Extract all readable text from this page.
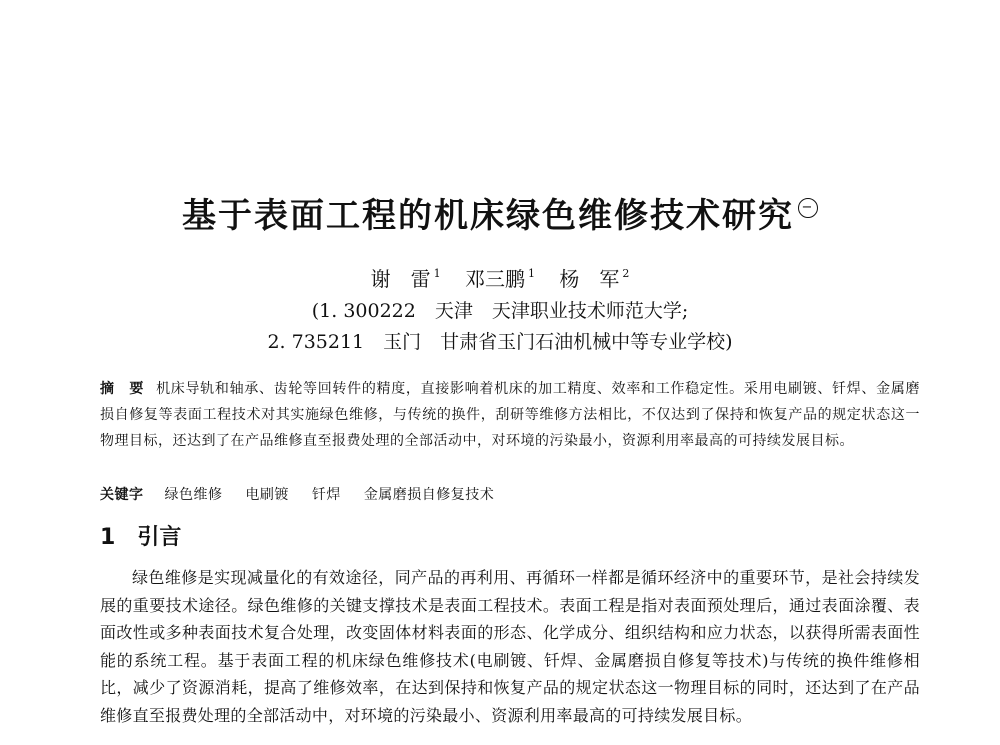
基于表面工程的机床绿色维修技术研究 −
谢　雷 $^1$ 邓三鹏 $^1$ 杨　军 $^2$
(1. 300222　天津　天津职业技术师范大学;
2. 735211　玉门　甘肃省玉门石油机械中等专业学校)
摘　要 机床导轨和轴承、齿轮等回转件的精度，直接影响着机床的加工精度、效率和工作稳定性。采用电刷镀、钎焊、金属磨损自修复等表面工程技术对其实施绿色维修，与传统的换件，刮研等维修方法相比，不仅达到了保持和恢复产品的规定状态这一物理目标，还达到了在产品维修直至报费处理的全部活动中，对环境的污染最小，资源利用率最高的可持续发展目标。
关键字 绿色维修 电刷镀 钎焊 金属磨损自修复技术
1 引言
绿色维修是实现减量化的有效途径，同产品的再利用、再循环一样都是循环经济中的重要环节，是社会持续发展的重要技术途径。绿色维修的关键支撑技术是表面工程技术。表面工程是指对表面预处理后，通过表面涂覆、表面改性或多种表面技术复合处理，改变固体材料表面的形态、化学成分、组织结构和应力状态，以获得所需表面性能的系统工程。基于表面工程的机床绿色维修技术(电刷镀、钎焊、金属磨损自修复等技术)与传统的换件维修相比，减少了资源消耗，提高了维修效率，在达到保持和恢复产品的规定状态这一物理目标的同时，还达到了在产品维修直至报费处理的全部活动中，对环境的污染最小、资源利用率最高的可持续发展目标。
